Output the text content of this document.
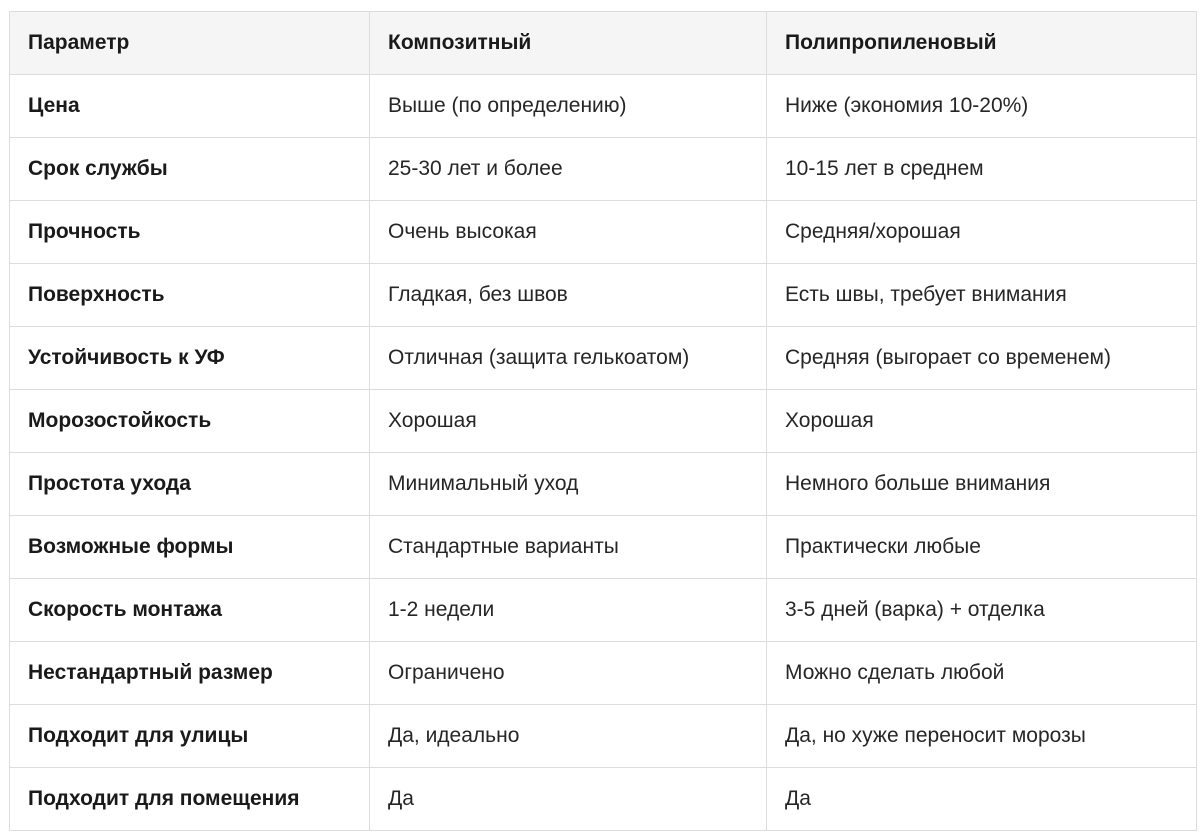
Параметр	Композитный	Полипропиленовый
Цена	Выше (по определению)	Ниже (экономия 10-20%)
Срок службы	25-30 лет и более	10-15 лет в среднем
Прочность	Очень высокая	Средняя/хорошая
Поверхность	Гладкая, без швов	Есть швы, требует внимания
Устойчивость к УФ	Отличная (защита гелькоатом)	Средняя (выгорает со временем)
Морозостойкость	Хорошая	Хорошая
Простота ухода	Минимальный уход	Немного больше внимания
Возможные формы	Стандартные варианты	Практически любые
Скорость монтажа	1-2 недели	3-5 дней (варка) + отделка
Нестандартный размер	Ограничено	Можно сделать любой
Подходит для улицы	Да, идеально	Да, но хуже переносит морозы
Подходит для помещения	Да	Да
